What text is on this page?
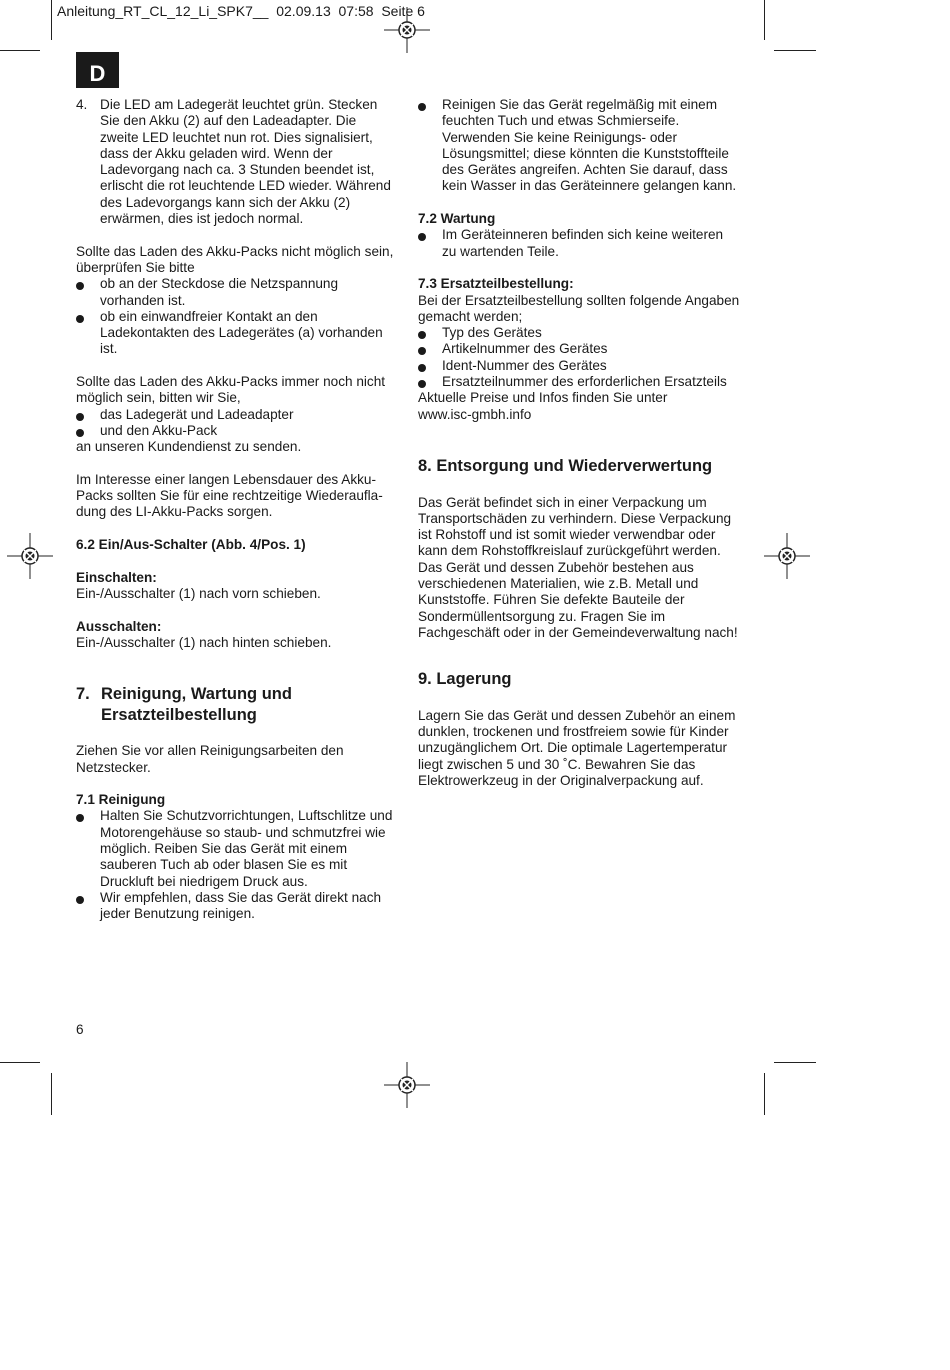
Anleitung_RT_CL_12_Li_SPK7__  02.09.13  07:58  Seite 6
D
4. Die LED am Ladegerät leuchtet grün. Stecken

Sie den Akku (2) auf den Ladeadapter. Die

zweite LED leuchtet nun rot. Dies signalisiert,

dass der Akku geladen wird. Wenn der

Ladevorgang nach ca. 3 Stunden beendet ist,

erlischt die rot leuchtende LED wieder. Während

des Ladevorgangs kann sich der Akku (2)

erwärmen, dies ist jedoch normal.

Sollte das Laden des Akku-Packs nicht möglich sein,

überprüfen Sie bitte

ob an der Steckdose die Netzspannung

vorhanden ist.

ob ein einwandfreier Kontakt an den

Ladekontakten des Ladegerätes (a) vorhanden

ist.

Sollte das Laden des Akku-Packs immer noch nicht

möglich sein, bitten wir Sie,

das Ladegerät und Ladeadapter

und den Akku-Pack

an unseren Kundendienst zu senden.

Im Interesse einer langen Lebensdauer des Akku-

Packs sollten Sie für eine rechtzeitige Wiederaufla-

dung des LI-Akku-Packs sorgen.

6.2 Ein/Aus-Schalter (Abb. 4/Pos. 1)

Einschalten:

Ein-/Ausschalter (1) nach vorn schieben.

Ausschalten:

Ein-/Ausschalter (1) nach hinten schieben.

7. Reinigung, Wartung und

Ersatzteilbestellung

Ziehen Sie vor allen Reinigungsarbeiten den

Netzstecker.

7.1 Reinigung

Halten Sie Schutzvorrichtungen, Luftschlitze und

Motorengehäuse so staub- und schmutzfrei wie

möglich. Reiben Sie das Gerät mit einem

sauberen Tuch ab oder blasen Sie es mit

Druckluft bei niedrigem Druck aus.

Wir empfehlen, dass Sie das Gerät direkt nach

jeder Benutzung reinigen.

Reinigen Sie das Gerät regelmäßig mit einem

feuchten Tuch und etwas Schmierseife.

Verwenden Sie keine Reinigungs- oder

Lösungsmittel; diese könnten die Kunststoffteile

des Gerätes angreifen. Achten Sie darauf, dass

kein Wasser in das Geräteinnere gelangen kann.

7.2 Wartung

Im Geräteinneren befinden sich keine weiteren

zu wartenden Teile.

7.3 Ersatzteilbestellung:

Bei der Ersatzteilbestellung sollten folgende Angaben

gemacht werden;

Typ des Gerätes

Artikelnummer des Gerätes

Ident-Nummer des Gerätes

Ersatzteilnummer des erforderlichen Ersatzteils

Aktuelle Preise und Infos finden Sie unter

www.isc-gmbh.info

8. Entsorgung und Wiederverwertung

Das Gerät befindet sich in einer Verpackung um

Transportschäden zu verhindern. Diese Verpackung

ist Rohstoff und ist somit wieder verwendbar oder

kann dem Rohstoffkreislauf zurückgeführt werden.

Das Gerät und dessen Zubehör bestehen aus

verschiedenen Materialien, wie z.B. Metall und

Kunststoffe. Führen Sie defekte Bauteile der

Sondermüllentsorgung zu. Fragen Sie im

Fachgeschäft oder in der Gemeindeverwaltung nach!

9. Lagerung

Lagern Sie das Gerät und dessen Zubehör an einem

dunklen, trockenen und frostfreiem sowie für Kinder

unzugänglichem Ort. Die optimale Lagertemperatur

liegt zwischen 5 und 30 ˚C. Bewahren Sie das

Elektrowerkzeug in der Originalverpackung auf.

6
